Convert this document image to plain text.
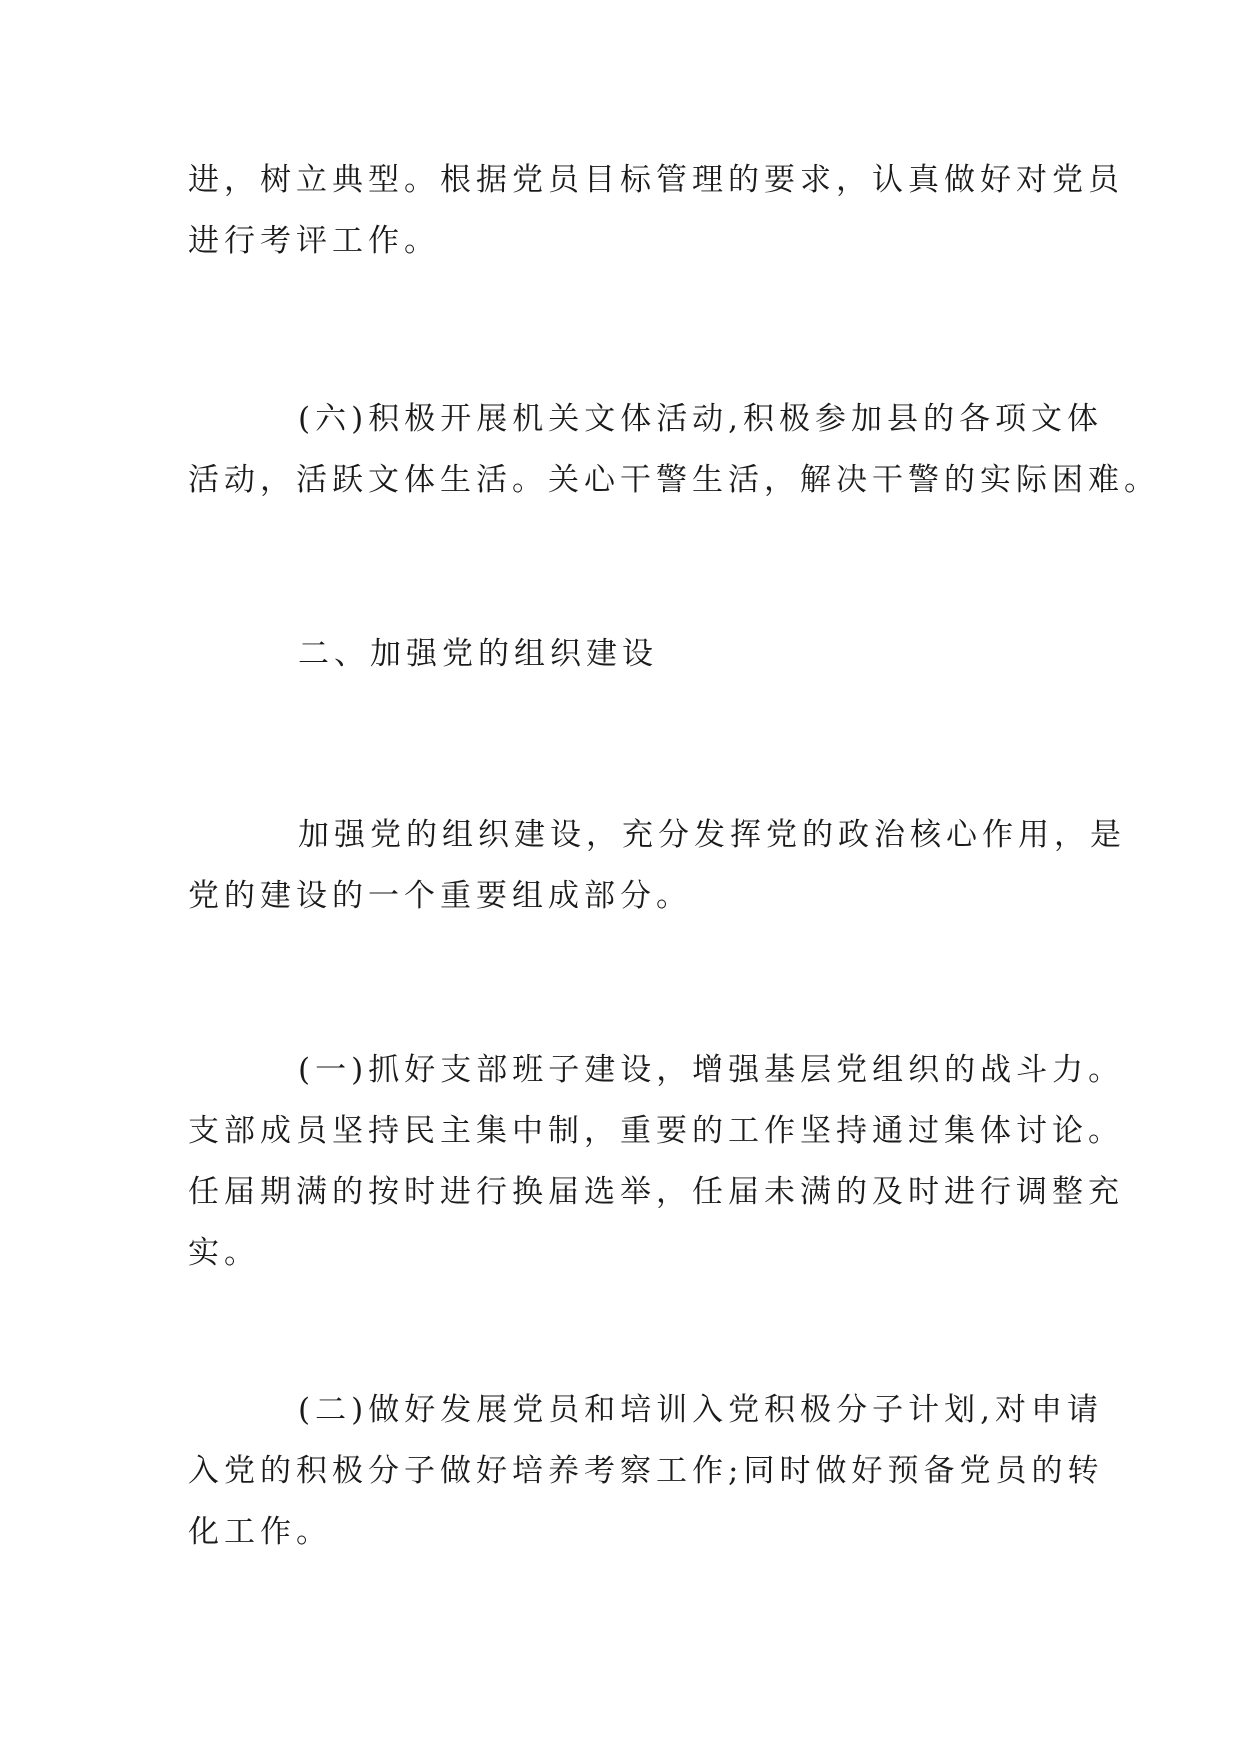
进，树立典型。根据党员目标管理的要求，认真做好对党员
进行考评工作。

(六)积极开展机关文体活动,积极参加县的各项文体
活动，活跃文体生活。关心干警生活，解决干警的实际困难。

二、加强党的组织建设

加强党的组织建设，充分发挥党的政治核心作用，是
党的建设的一个重要组成部分。

(一)抓好支部班子建设，增强基层党组织的战斗力。
支部成员坚持民主集中制，重要的工作坚持通过集体讨论。
任届期满的按时进行换届选举，任届未满的及时进行调整充
实。

(二)做好发展党员和培训入党积极分子计划,对申请
入党的积极分子做好培养考察工作;同时做好预备党员的转
化工作。
